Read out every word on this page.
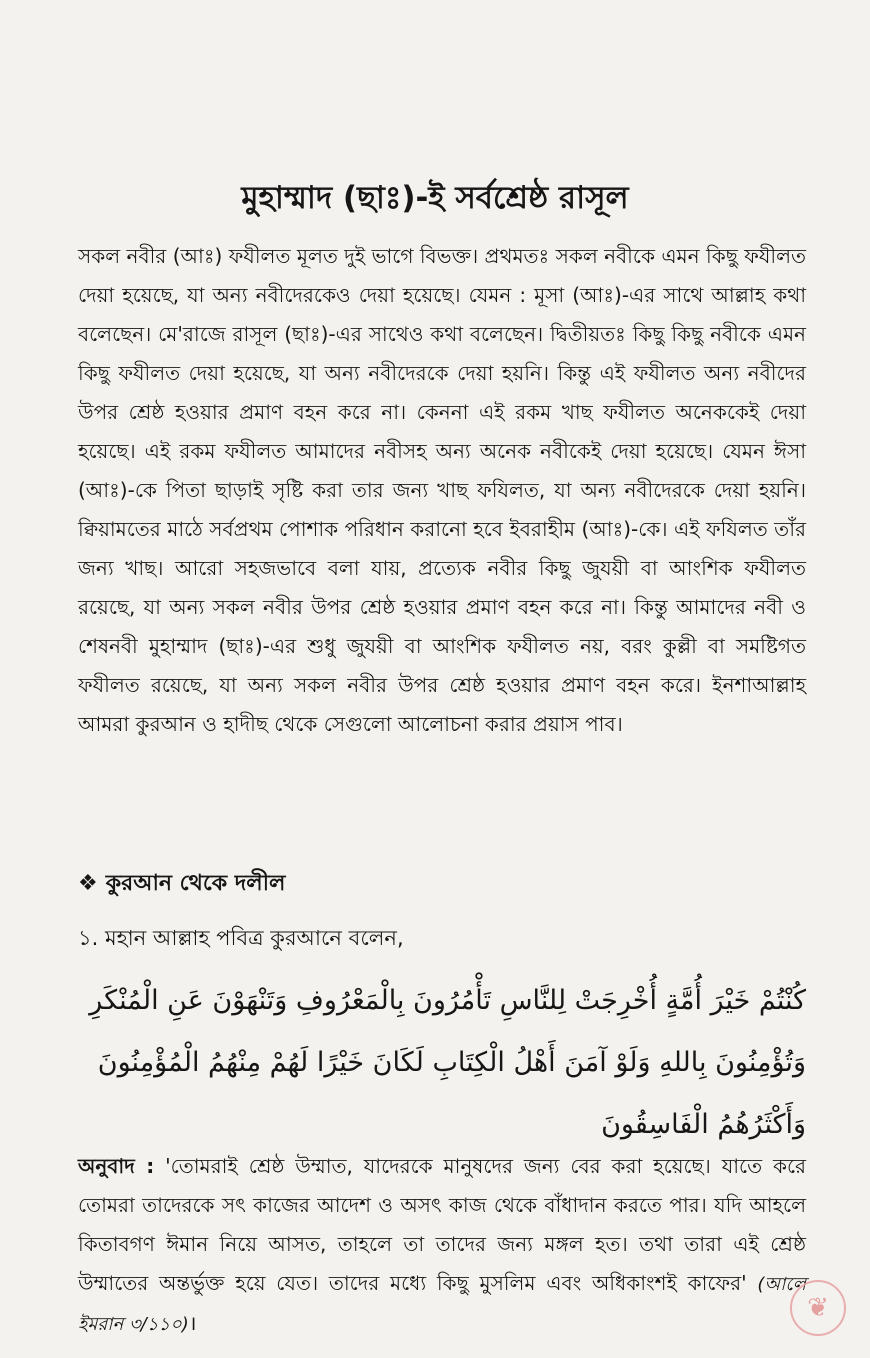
মুহাম্মাদ (ছাঃ)-ই সর্বশ্রেষ্ঠ রাসূল
সকল নবীর (আঃ) ফযীলত মূলত দুই ভাগে বিভক্ত। প্রথমতঃ সকল নবীকে এমন কিছু ফযীলত দেয়া হয়েছে, যা অন্য নবীদেরকেও দেয়া হয়েছে। যেমন : মূসা (আঃ)-এর সাথে আল্লাহ কথা বলেছেন। মে'রাজে রাসূল (ছাঃ)-এর সাথেও কথা বলেছেন। দ্বিতীয়তঃ কিছু কিছু নবীকে এমন কিছু ফযীলত দেয়া হয়েছে, যা অন্য নবীদেরকে দেয়া হয়নি। কিন্তু এই ফযীলত অন্য নবীদের উপর শ্রেষ্ঠ হওয়ার প্রমাণ বহন করে না। কেননা এই রকম খাছ ফযীলত অনেককেই দেয়া হয়েছে। এই রকম ফযীলত আমাদের নবীসহ অন্য অনেক নবীকেই দেয়া হয়েছে। যেমন ঈসা (আঃ)-কে পিতা ছাড়াই সৃষ্টি করা তার জন্য খাছ ফযিলত, যা অন্য নবীদেরকে দেয়া হয়নি। ক্বিয়ামতের মাঠে সর্বপ্রথম পোশাক পরিধান করানো হবে ইবরাহীম (আঃ)-কে। এই ফযিলত তাঁর জন্য খাছ। আরো সহজভাবে বলা যায়, প্রত্যেক নবীর কিছু জুযয়ী বা আংশিক ফযীলত রয়েছে, যা অন্য সকল নবীর উপর শ্রেষ্ঠ হওয়ার প্রমাণ বহন করে না। কিন্তু আমাদের নবী ও শেষনবী মুহাম্মাদ (ছাঃ)-এর শুধু জুযয়ী বা আংশিক ফযীলত নয়, বরং কুল্লী বা সমষ্টিগত ফযীলত রয়েছে, যা অন্য সকল নবীর উপর শ্রেষ্ঠ হওয়ার প্রমাণ বহন করে। ইনশাআল্লাহ আমরা কুরআন ও হাদীছ থেকে সেগুলো আলোচনা করার প্রয়াস পাব।
❖ কুরআন থেকে দলীল
১. মহান আল্লাহ পবিত্র কুরআনে বলেন,
كُنْتُمْ خَيْرَ أُمَّةٍ أُخْرِجَتْ لِلنَّاسِ تَأْمُرُونَ بِالْمَعْرُوفِ وَتَنْهَوْنَ عَنِ الْمُنْكَرِ وَتُؤْمِنُونَ بِاللهِ وَلَوْ آمَنَ أَهْلُ الْكِتَابِ لَكَانَ خَيْرًا لَهُمْ مِنْهُمُ الْمُؤْمِنُونَ وَأَكْثَرُهُمُ الْفَاسِقُونَ
অনুবাদ : 'তোমরাই শ্রেষ্ঠ উম্মাত, যাদেরকে মানুষদের জন্য বের করা হয়েছে। যাতে করে তোমরা তাদেরকে সৎ কাজের আদেশ ও অসৎ কাজ থেকে বাঁধাদান করতে পার। যদি আহলে কিতাবগণ ঈমান নিয়ে আসত, তাহলে তা তাদের জন্য মঙ্গল হত। তথা তারা এই শ্রেষ্ঠ উম্মাতের অন্তর্ভুক্ত হয়ে যেত। তাদের মধ্যে কিছু মুসলিম এবং অধিকাংশই কাফের' (আলে ইমরান ৩/১১০)।	❦
